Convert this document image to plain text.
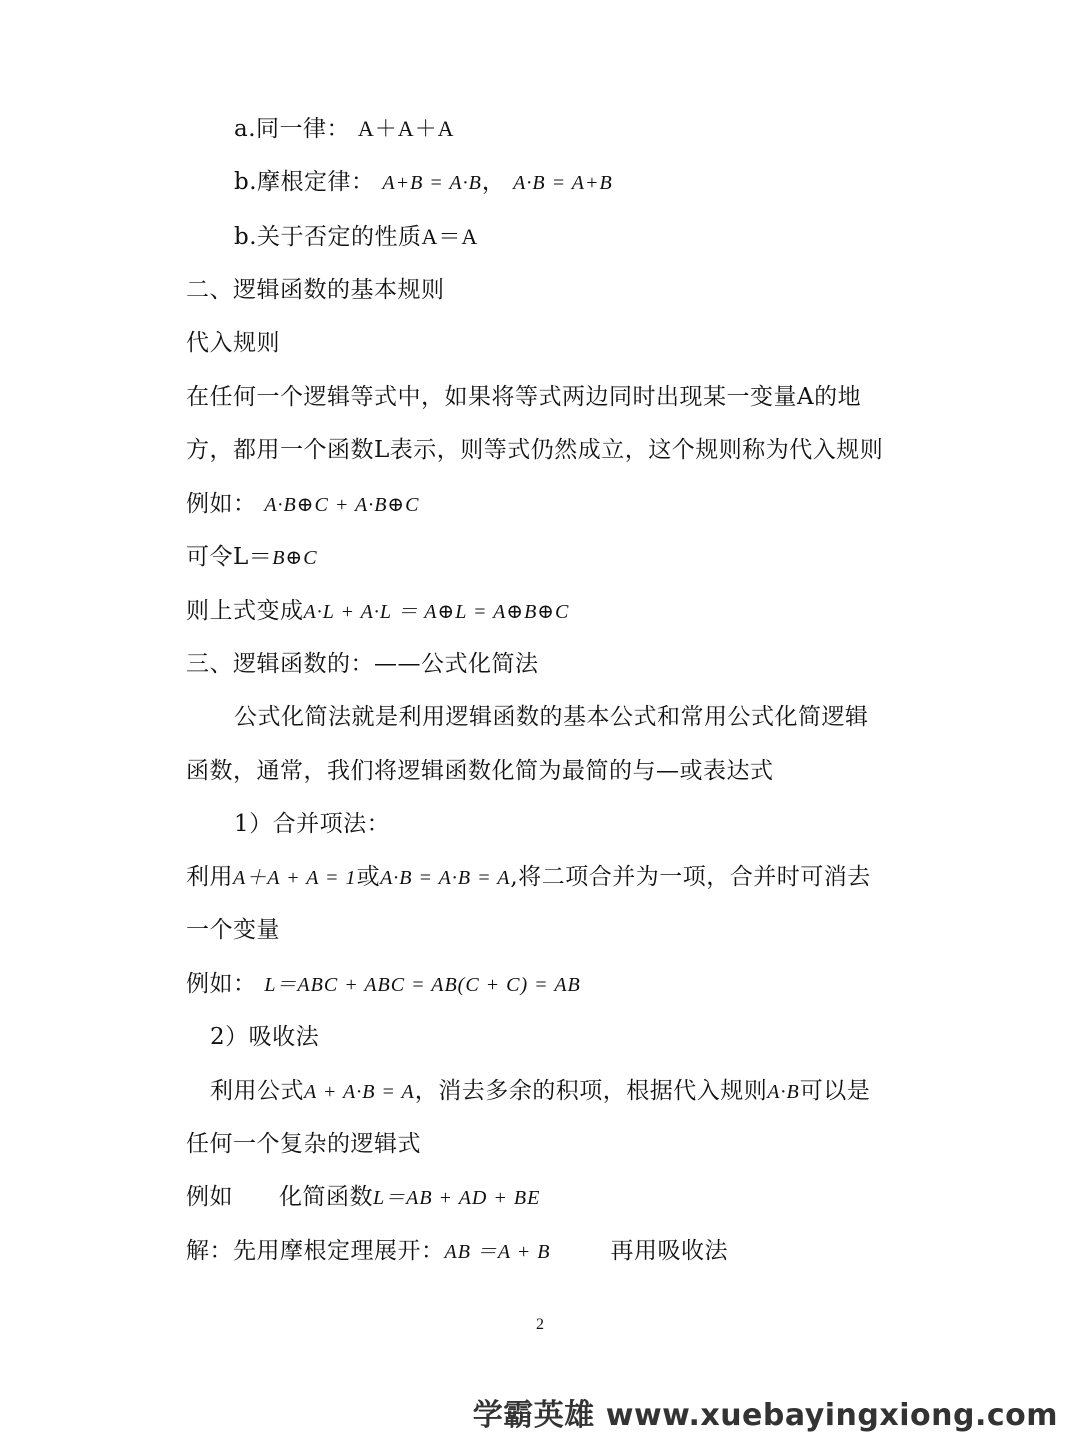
a.同一律： A＋A＋A
b.摩根定律： A+B = A·B， A·B = A+B
b.关于否定的性质A＝A
二、逻辑函数的基本规则
代入规则
在任何一个逻辑等式中，如果将等式两边同时出现某一变量A的地
方，都用一个函数L表示，则等式仍然成立，这个规则称为代入规则
例如： A·B⊕C + A·B⊕C
可令L＝B⊕C
则上式变成A·L + A·L ＝ A⊕L = A⊕B⊕C
三、逻辑函数的：——公式化简法
公式化简法就是利用逻辑函数的基本公式和常用公式化简逻辑
函数，通常，我们将逻辑函数化简为最简的与—或表达式
1）合并项法：
利用A＋A + A = 1或A·B = A·B = A,将二项合并为一项，合并时可消去
一个变量
例如： L＝ABC + ABC = AB(C + C) = AB
2）吸收法
利用公式A + A·B = A，消去多余的积项，根据代入规则A·B可以是
任何一个复杂的逻辑式
例如 化简函数L＝AB + AD + BE
解：先用摩根定理展开：AB ＝A + B	再用吸收法
2
学霸英雄 www.xuebayingxiong.com
